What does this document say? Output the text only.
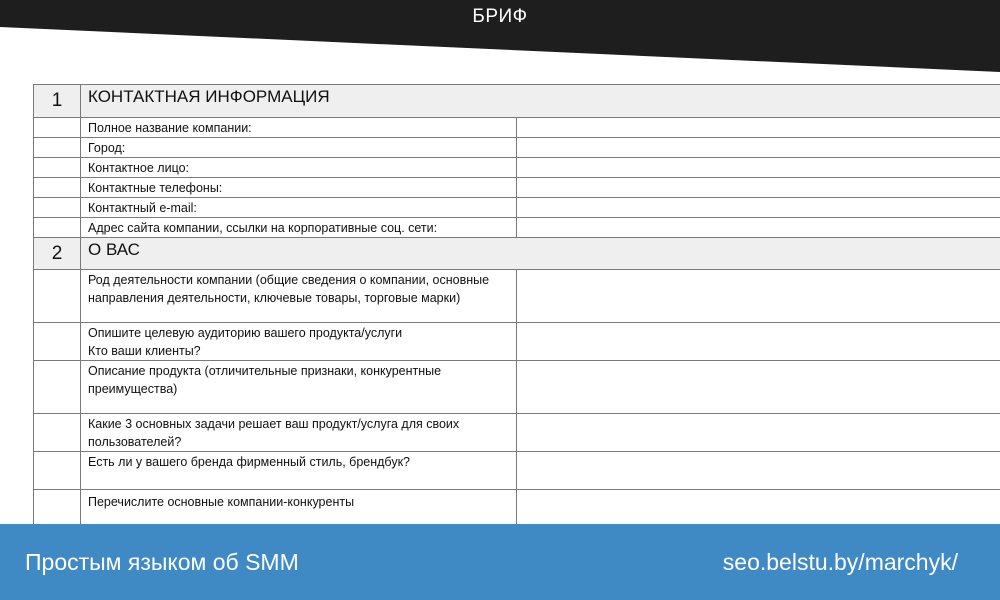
1	КОНТАКТНАЯ ИНФОРМАЦИЯ	
	Полное название компании:	
	Город:	
	Контактное лицо:	
	Контактные телефоны:	
	Контактный e-mail:	
	Адрес сайта компании, ссылки на корпоративные соц. сети:	
2	О ВАС	
	Род деятельности компании (общие сведения о компании, основные направления деятельности, ключевые товары, торговые марки)	
	Опишите целевую аудиторию вашего продукта/услуги
Кто ваши клиенты?	
	Описание продукта (отличительные признаки, конкурентные преимущества)	
	Какие 3 основных задачи решает ваш продукт/услуга для своих пользователей?	
	Есть ли у вашего бренда фирменный стиль, брендбук?	
	Перечислите основные компании-конкуренты	

БРИФ
Простым языком об SMM	seo.belstu.by/marchyk/
